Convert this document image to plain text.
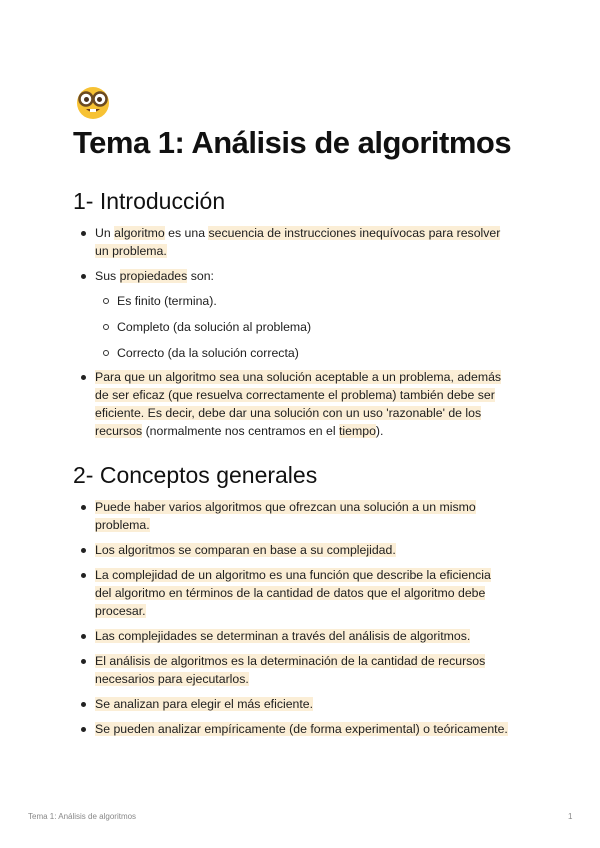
Tema 1: Análisis de algoritmos
1- Introducción
Un algoritmo es una secuencia de instrucciones inequívocas para resolver
un problema.
Sus propiedades son:
Es finito (termina).
Completo (da solución al problema)
Correcto (da la solución correcta)
Para que un algoritmo sea una solución aceptable a un problema, además
de ser eficaz (que resuelva correctamente el problema) también debe ser
eficiente. Es decir, debe dar una solución con un uso 'razonable' de los
recursos (normalmente nos centramos en el tiempo).
2- Conceptos generales
Puede haber varios algoritmos que ofrezcan una solución a un mismo
problema.
Los algoritmos se comparan en base a su complejidad.
La complejidad de un algoritmo es una función que describe la eficiencia
del algoritmo en términos de la cantidad de datos que el algoritmo debe
procesar.
Las complejidades se determinan a través del análisis de algoritmos.
El análisis de algoritmos es la determinación de la cantidad de recursos
necesarios para ejecutarlos.
Se analizan para elegir el más eficiente.
Se pueden analizar empíricamente (de forma experimental) o teóricamente.
Tema 1: Análisis de algoritmos	1
